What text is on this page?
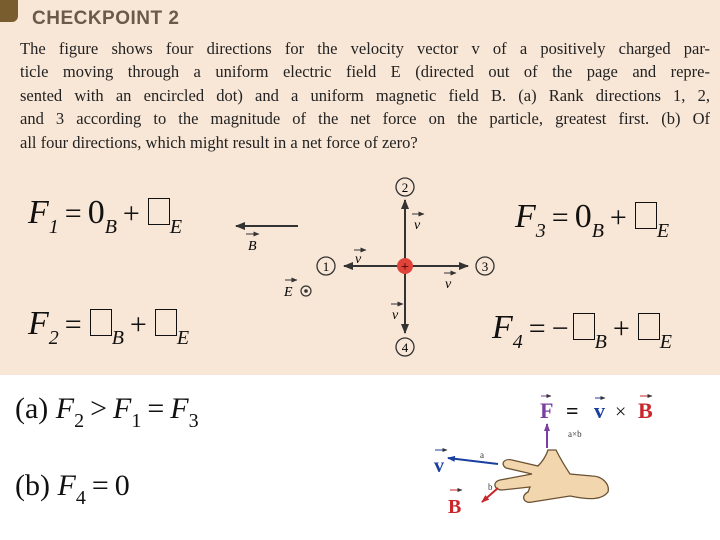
CHECKPOINT 2
The figure shows four directions for the velocity vector v of a positively charged par-
ticle moving through a uniform electric field E (directed out of the page and repre-
sented with an encircled dot) and a uniform magnetic field B. (a) Rank directions 1, 2,
and 3 according to the magnitude of the net force on the particle, greatest first. (b) Of
all four directions, which might result in a net force of zero?
F1 = 0B + E
F2 = B + E
F3 = 0B + E
F4 = − B + E
B
v
v
v
v
+
2
1	3
4
E
(a) $F_2 > F_1 = F_3$
(b) $F_4 = 0$
F = v × B
a×b
v	a
B
b
